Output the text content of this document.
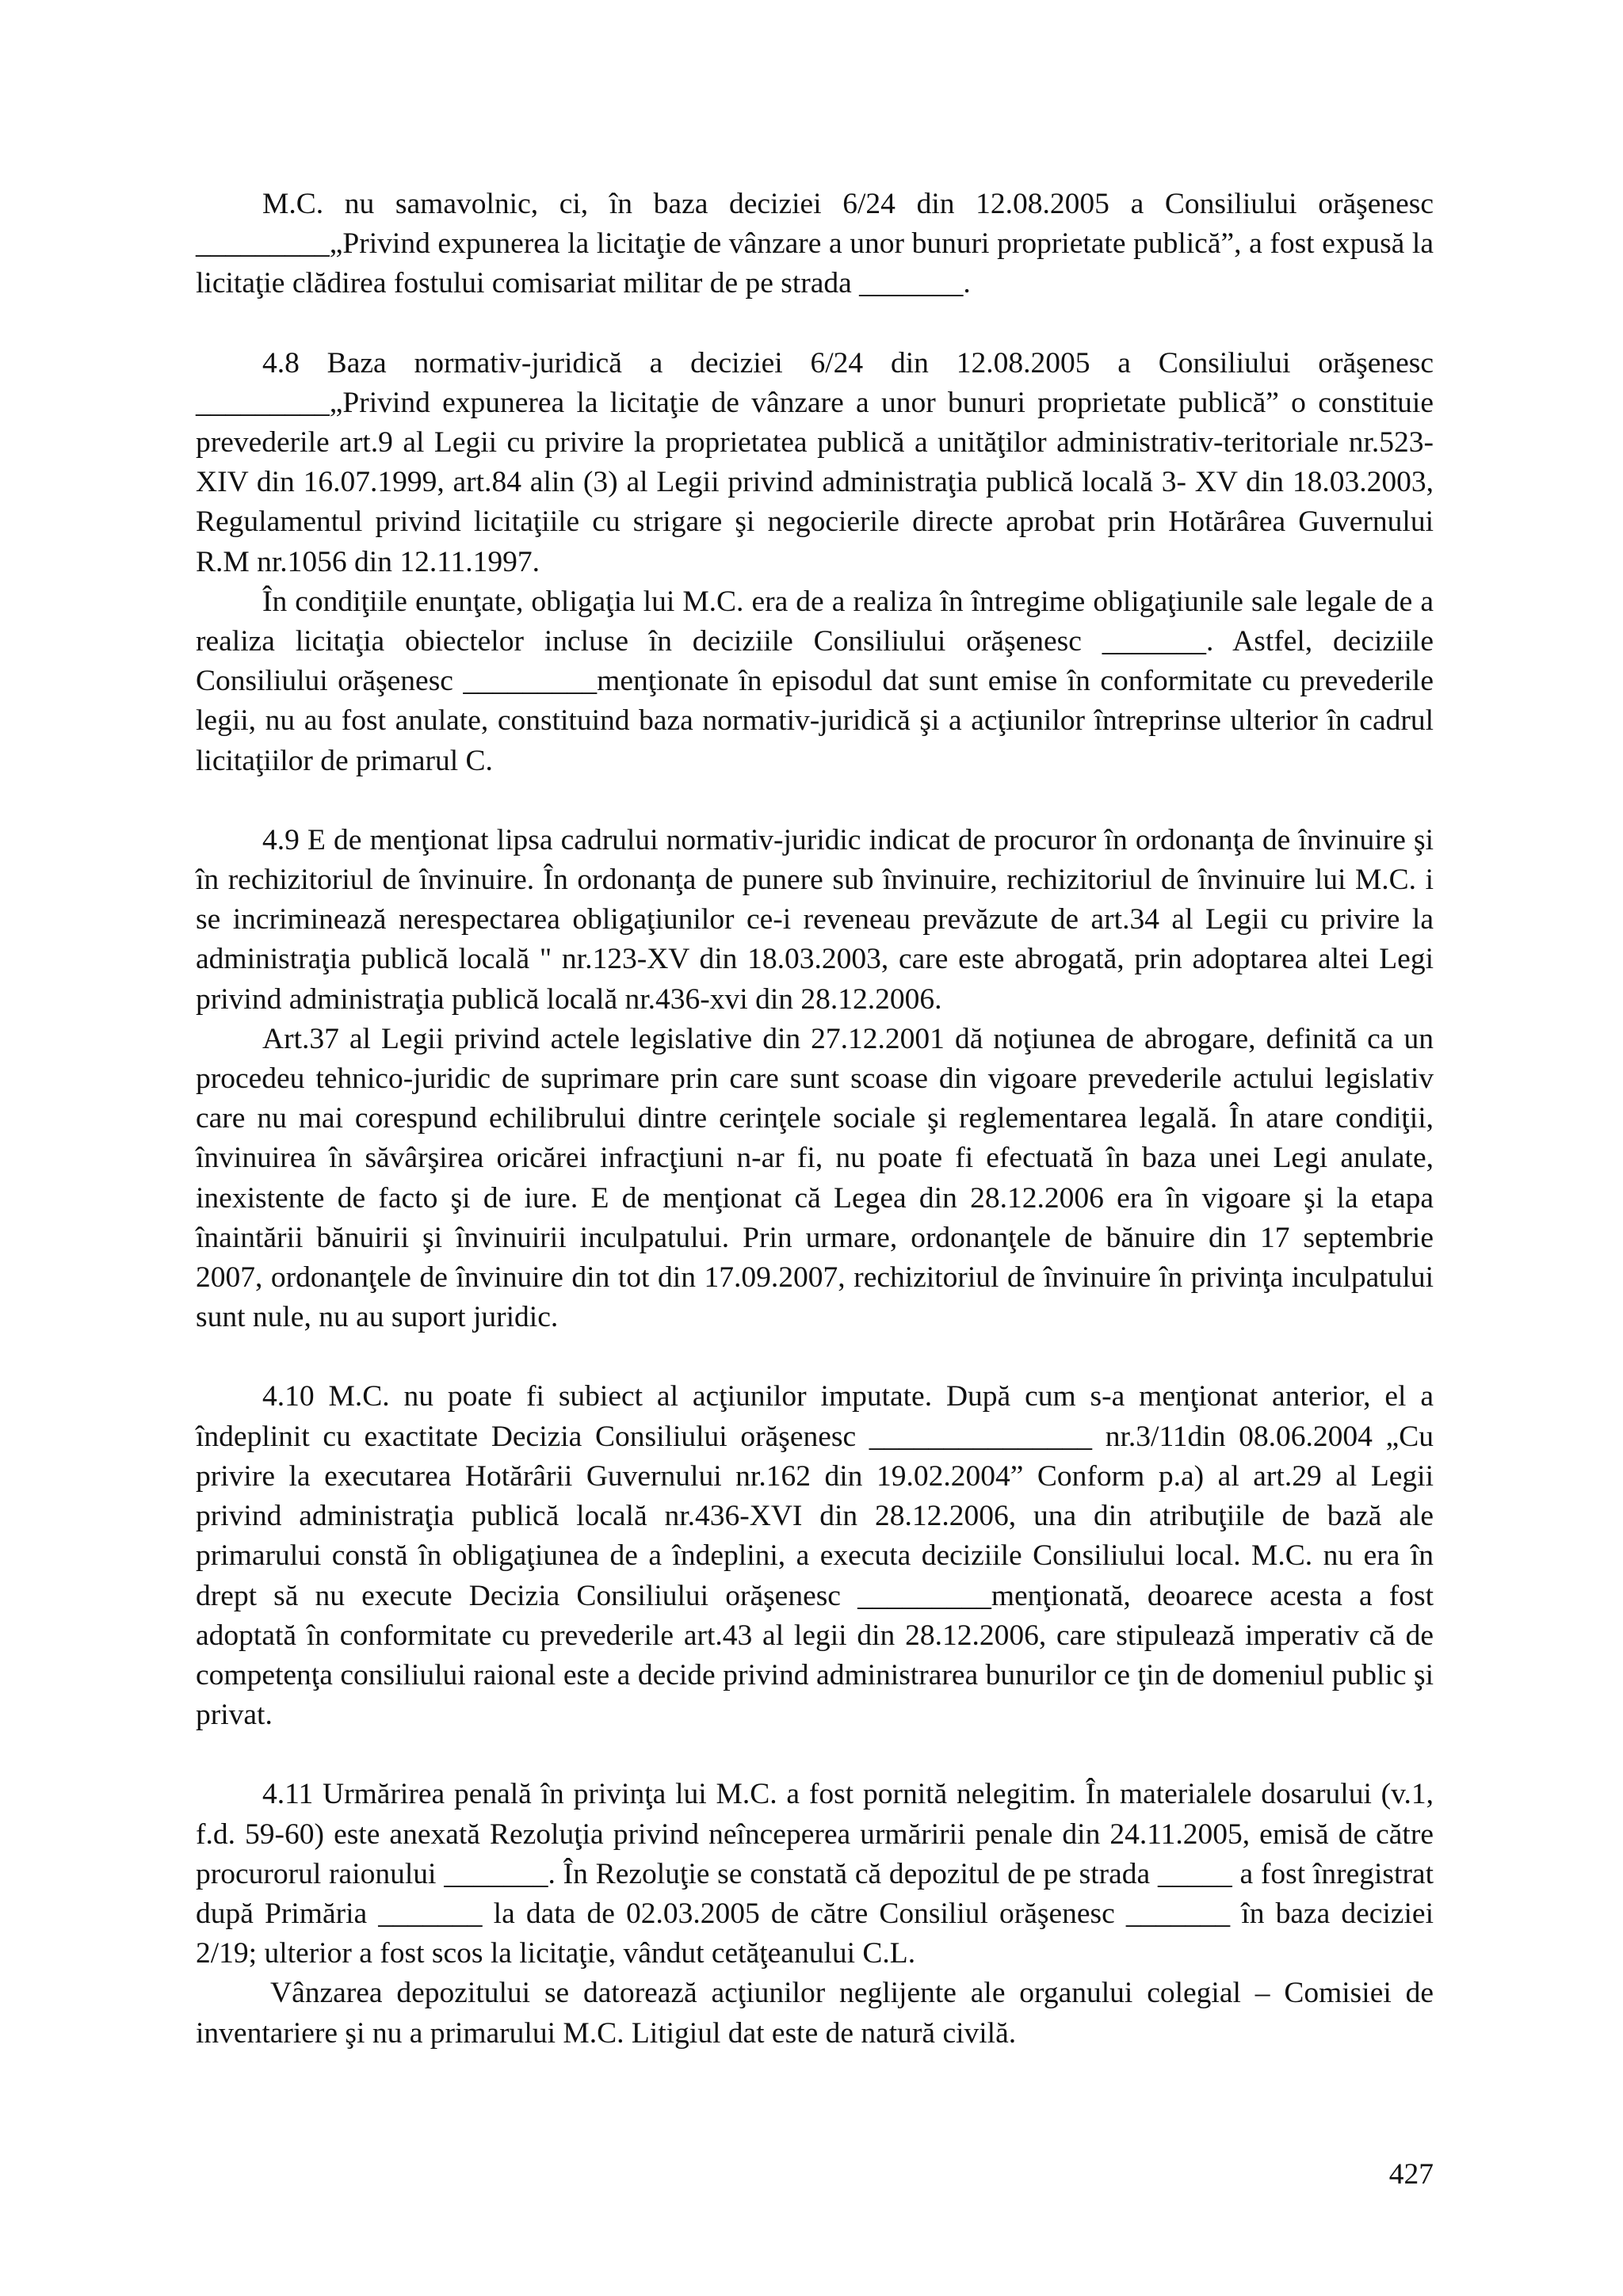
M.C. nu samavolnic, ci, în baza deciziei 6/24 din 12.08.2005 a Consiliului orăşenesc _________„Privind expunerea la licitaţie de vânzare a unor bunuri proprietate publică”, a fost expusă la licitaţie clădirea fostului comisariat militar de pe strada _______.

4.8 Baza normativ-juridică a deciziei 6/24 din 12.08.2005 a Consiliului orăşenesc _________„Privind expunerea la licitaţie de vânzare a unor bunuri proprietate publică” o constituie prevederile art.9 al Legii cu privire la proprietatea publică a unităţilor administrativ-teritoriale nr.523-XIV din 16.07.1999, art.84 alin (3) al Legii privind administraţia publică locală 3- XV din 18.03.2003, Regulamentul privind licitaţiile cu strigare şi negocierile directe aprobat prin Hotărârea Guvernului R.M nr.1056 din 12.11.1997.

În condiţiile enunţate, obligaţia lui M.C. era de a realiza în întregime obligaţiunile sale legale de a realiza licitaţia obiectelor incluse în deciziile Consiliului orăşenesc _______. Astfel, deciziile Consiliului orăşenesc _________menţionate în episodul dat sunt emise în conformitate cu prevederile legii, nu au fost anulate, constituind baza normativ-juridică şi a acţiunilor întreprinse ulterior în cadrul licitaţiilor de primarul C.

4.9 E de menţionat lipsa cadrului normativ-juridic indicat de procuror în ordonanţa de învinuire şi în rechizitoriul de învinuire. În ordonanţa de punere sub învinuire, rechizitoriul de învinuire lui M.C. i se incriminează nerespectarea obligaţiunilor ce-i reveneau prevăzute de art.34 al Legii cu privire la administraţia publică locală " nr.123-XV din 18.03.2003, care este abrogată, prin adoptarea altei Legi privind administraţia publică locală nr.436-xvi din 28.12.2006.

Art.37 al Legii privind actele legislative din 27.12.2001 dă noţiunea de abrogare, definită ca un procedeu tehnico-juridic de suprimare prin care sunt scoase din vigoare prevederile actului legislativ care nu mai corespund echilibrului dintre cerinţele sociale şi reglementarea legală. În atare condiţii, învinuirea în săvârşirea oricărei infracţiuni n-ar fi, nu poate fi efectuată în baza unei Legi anulate, inexistente de facto şi de iure. E de menţionat că Legea din 28.12.2006 era în vigoare şi la etapa înaintării bănuirii şi învinuirii inculpatului. Prin urmare, ordonanţele de bănuire din 17 septembrie 2007, ordonanţele de învinuire din tot din 17.09.2007, rechizitoriul de învinuire în privinţa inculpatului sunt nule, nu au suport juridic.

4.10 M.C. nu poate fi subiect al acţiunilor imputate. După cum s-a menţionat anterior, el a îndeplinit cu exactitate Decizia Consiliului orăşenesc _______________ nr.3/11din 08.06.2004 „Cu privire la executarea Hotărârii Guvernului nr.162 din 19.02.2004” Conform p.a) al art.29 al Legii privind administraţia publică locală nr.436-XVI din 28.12.2006, una din atribuţiile de bază ale primarului constă în obligaţiunea de a îndeplini, a executa deciziile Consiliului local. M.C. nu era în drept să nu execute Decizia Consiliului orăşenesc _________menţionată, deoarece acesta a fost adoptată în conformitate cu prevederile art.43 al legii din 28.12.2006, care stipulează imperativ că de competenţa consiliului raional este a decide privind administrarea bunurilor ce ţin de domeniul public şi privat.

4.11 Urmărirea penală în privinţa lui M.C. a fost pornită nelegitim. În materialele dosarului (v.1, f.d. 59-60) este anexată Rezoluţia privind neînceperea urmăririi penale din 24.11.2005, emisă de către procurorul raionului _______. În Rezoluţie se constată că depozitul de pe strada _____ a fost înregistrat după Primăria _______ la data de 02.03.2005 de către Consiliul orăşenesc _______ în baza deciziei 2/19; ulterior a fost scos la licitaţie, vândut cetăţeanului C.L.

Vânzarea depozitului se datorează acţiunilor neglijente ale organului colegial – Comisiei de inventariere şi nu a primarului M.C. Litigiul dat este de natură civilă.

427
